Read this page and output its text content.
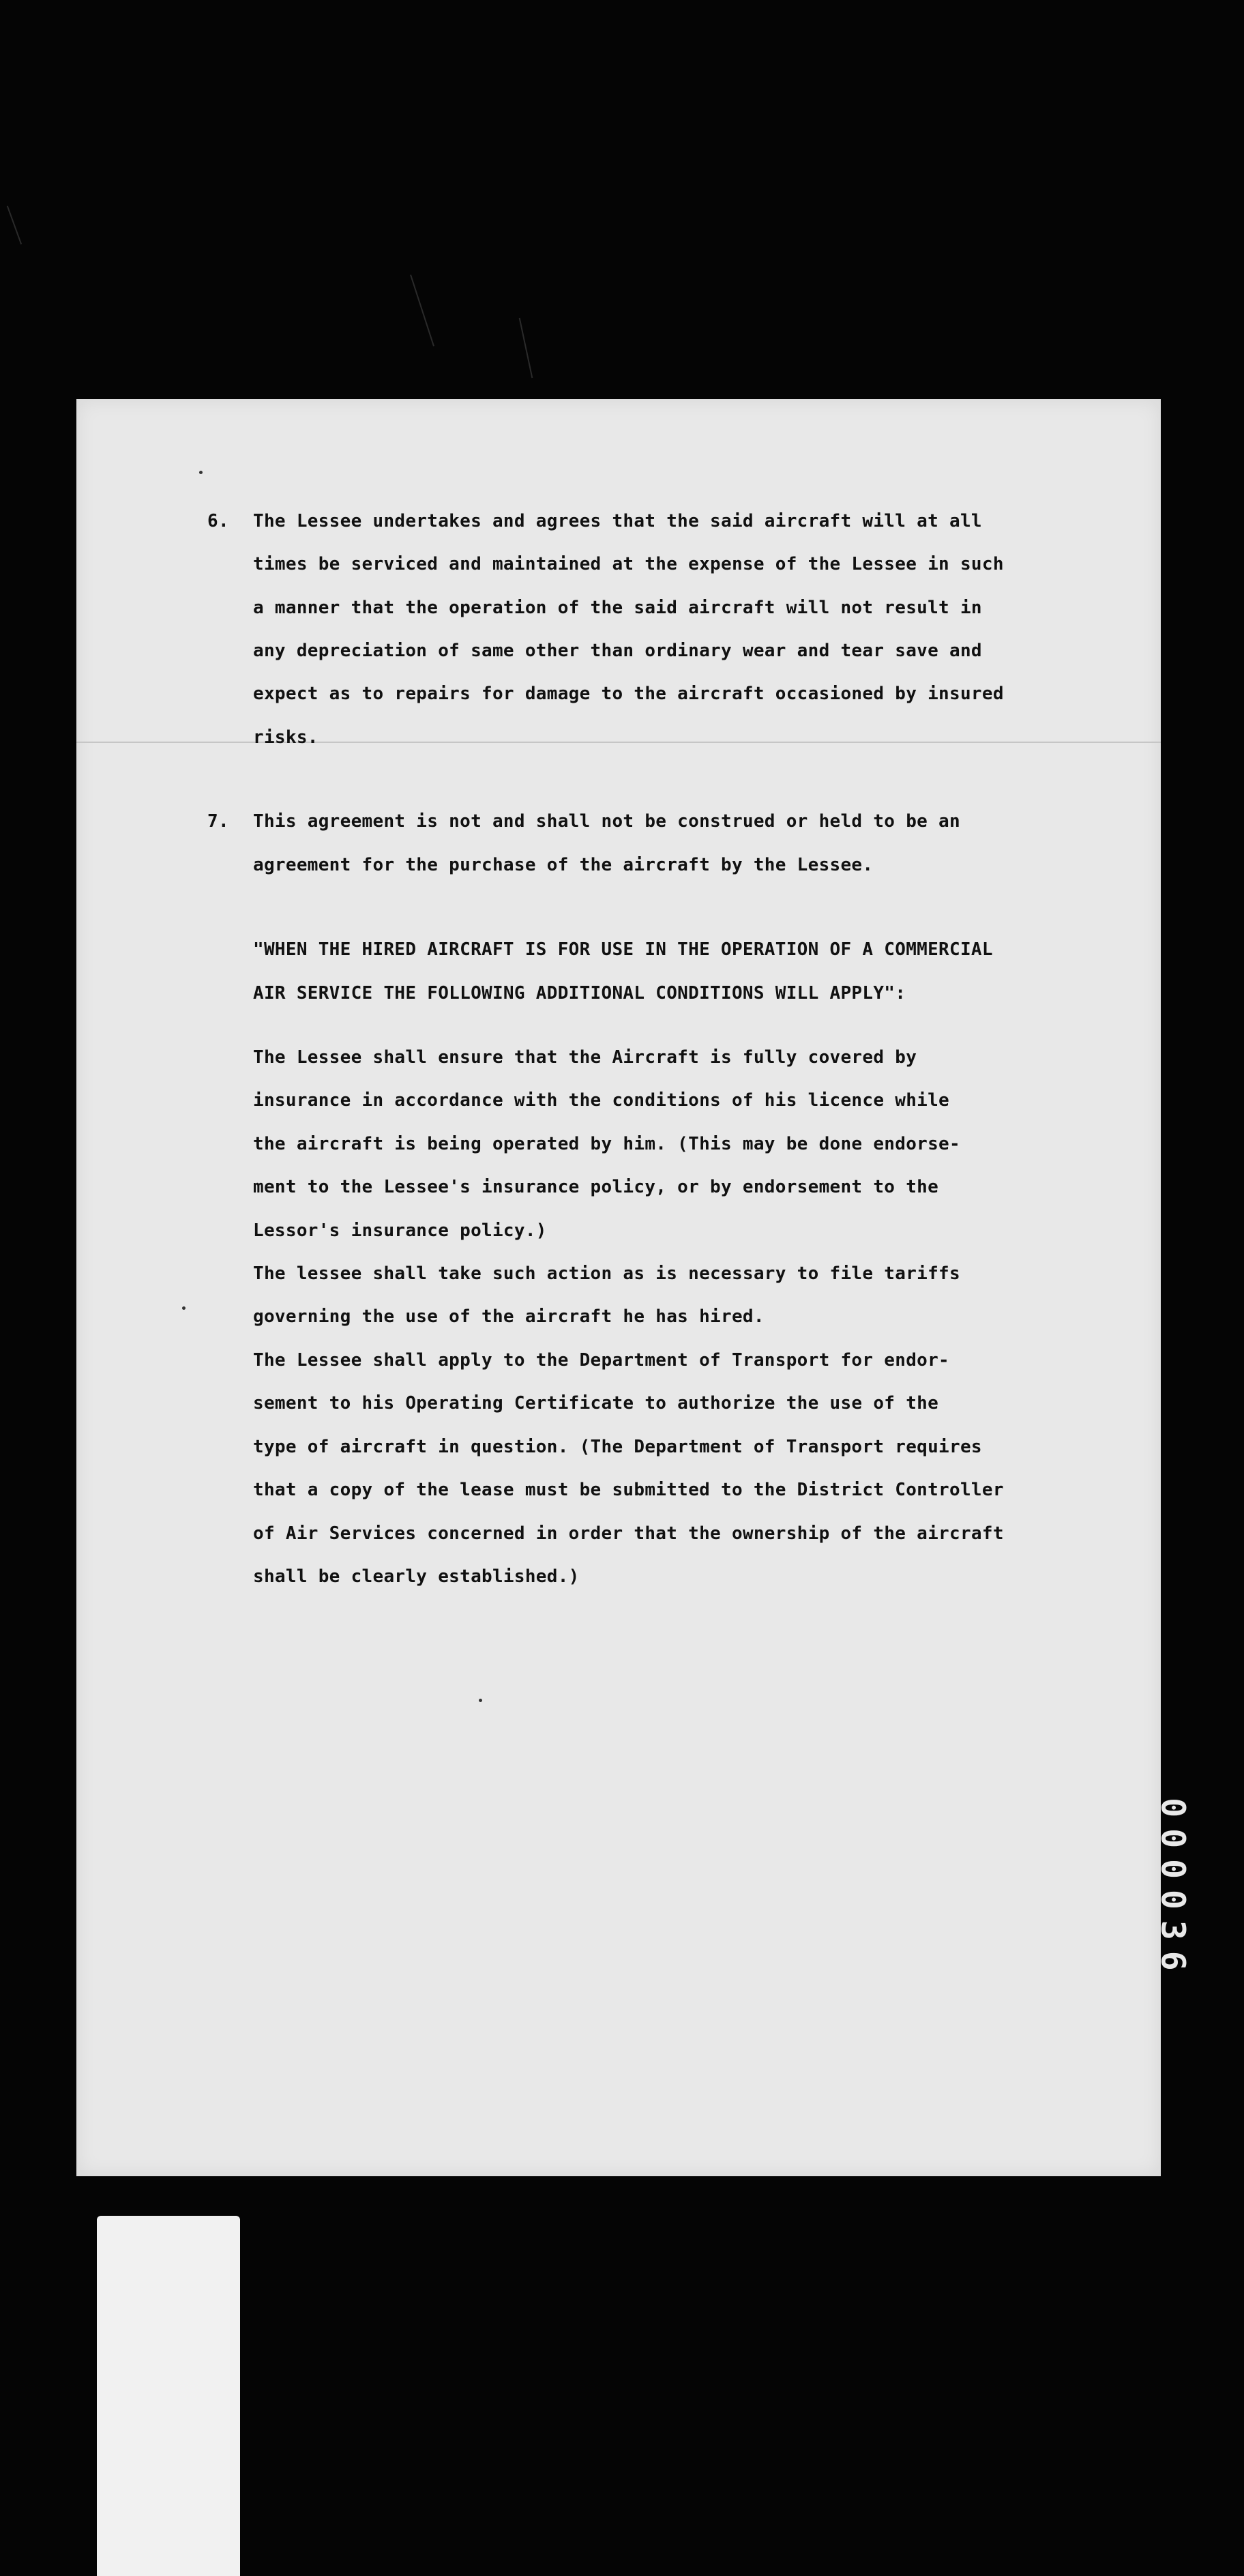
6. The Lessee undertakes and agrees that the said aircraft will at all
times be serviced and maintained at the expense of the Lessee in such
a manner that the operation of the said aircraft will not result in
any depreciation of same other than ordinary wear and tear save and
expect as to repairs for damage to the aircraft occasioned by insured
risks.
7. This agreement is not and shall not be construed or held to be an
agreement for the purchase of the aircraft by the Lessee.
"WHEN THE HIRED AIRCRAFT IS FOR USE IN THE OPERATION OF A COMMERCIAL
AIR SERVICE THE FOLLOWING ADDITIONAL CONDITIONS WILL APPLY":
The Lessee shall ensure that the Aircraft is fully covered by
insurance in accordance with the conditions of his licence while
the aircraft is being operated by him. (This may be done endorse-
ment to the Lessee's insurance policy, or by endorsement to the
Lessor's insurance policy.)
The lessee shall take such action as is necessary to file tariffs
governing the use of the aircraft he has hired.
The Lessee shall apply to the Department of Transport for endor-
sement to his Operating Certificate to authorize the use of the
type of aircraft in question. (The Department of Transport requires
that a copy of the lease must be submitted to the District Controller
of Air Services concerned in order that the ownership of the aircraft
shall be clearly established.)
000036
